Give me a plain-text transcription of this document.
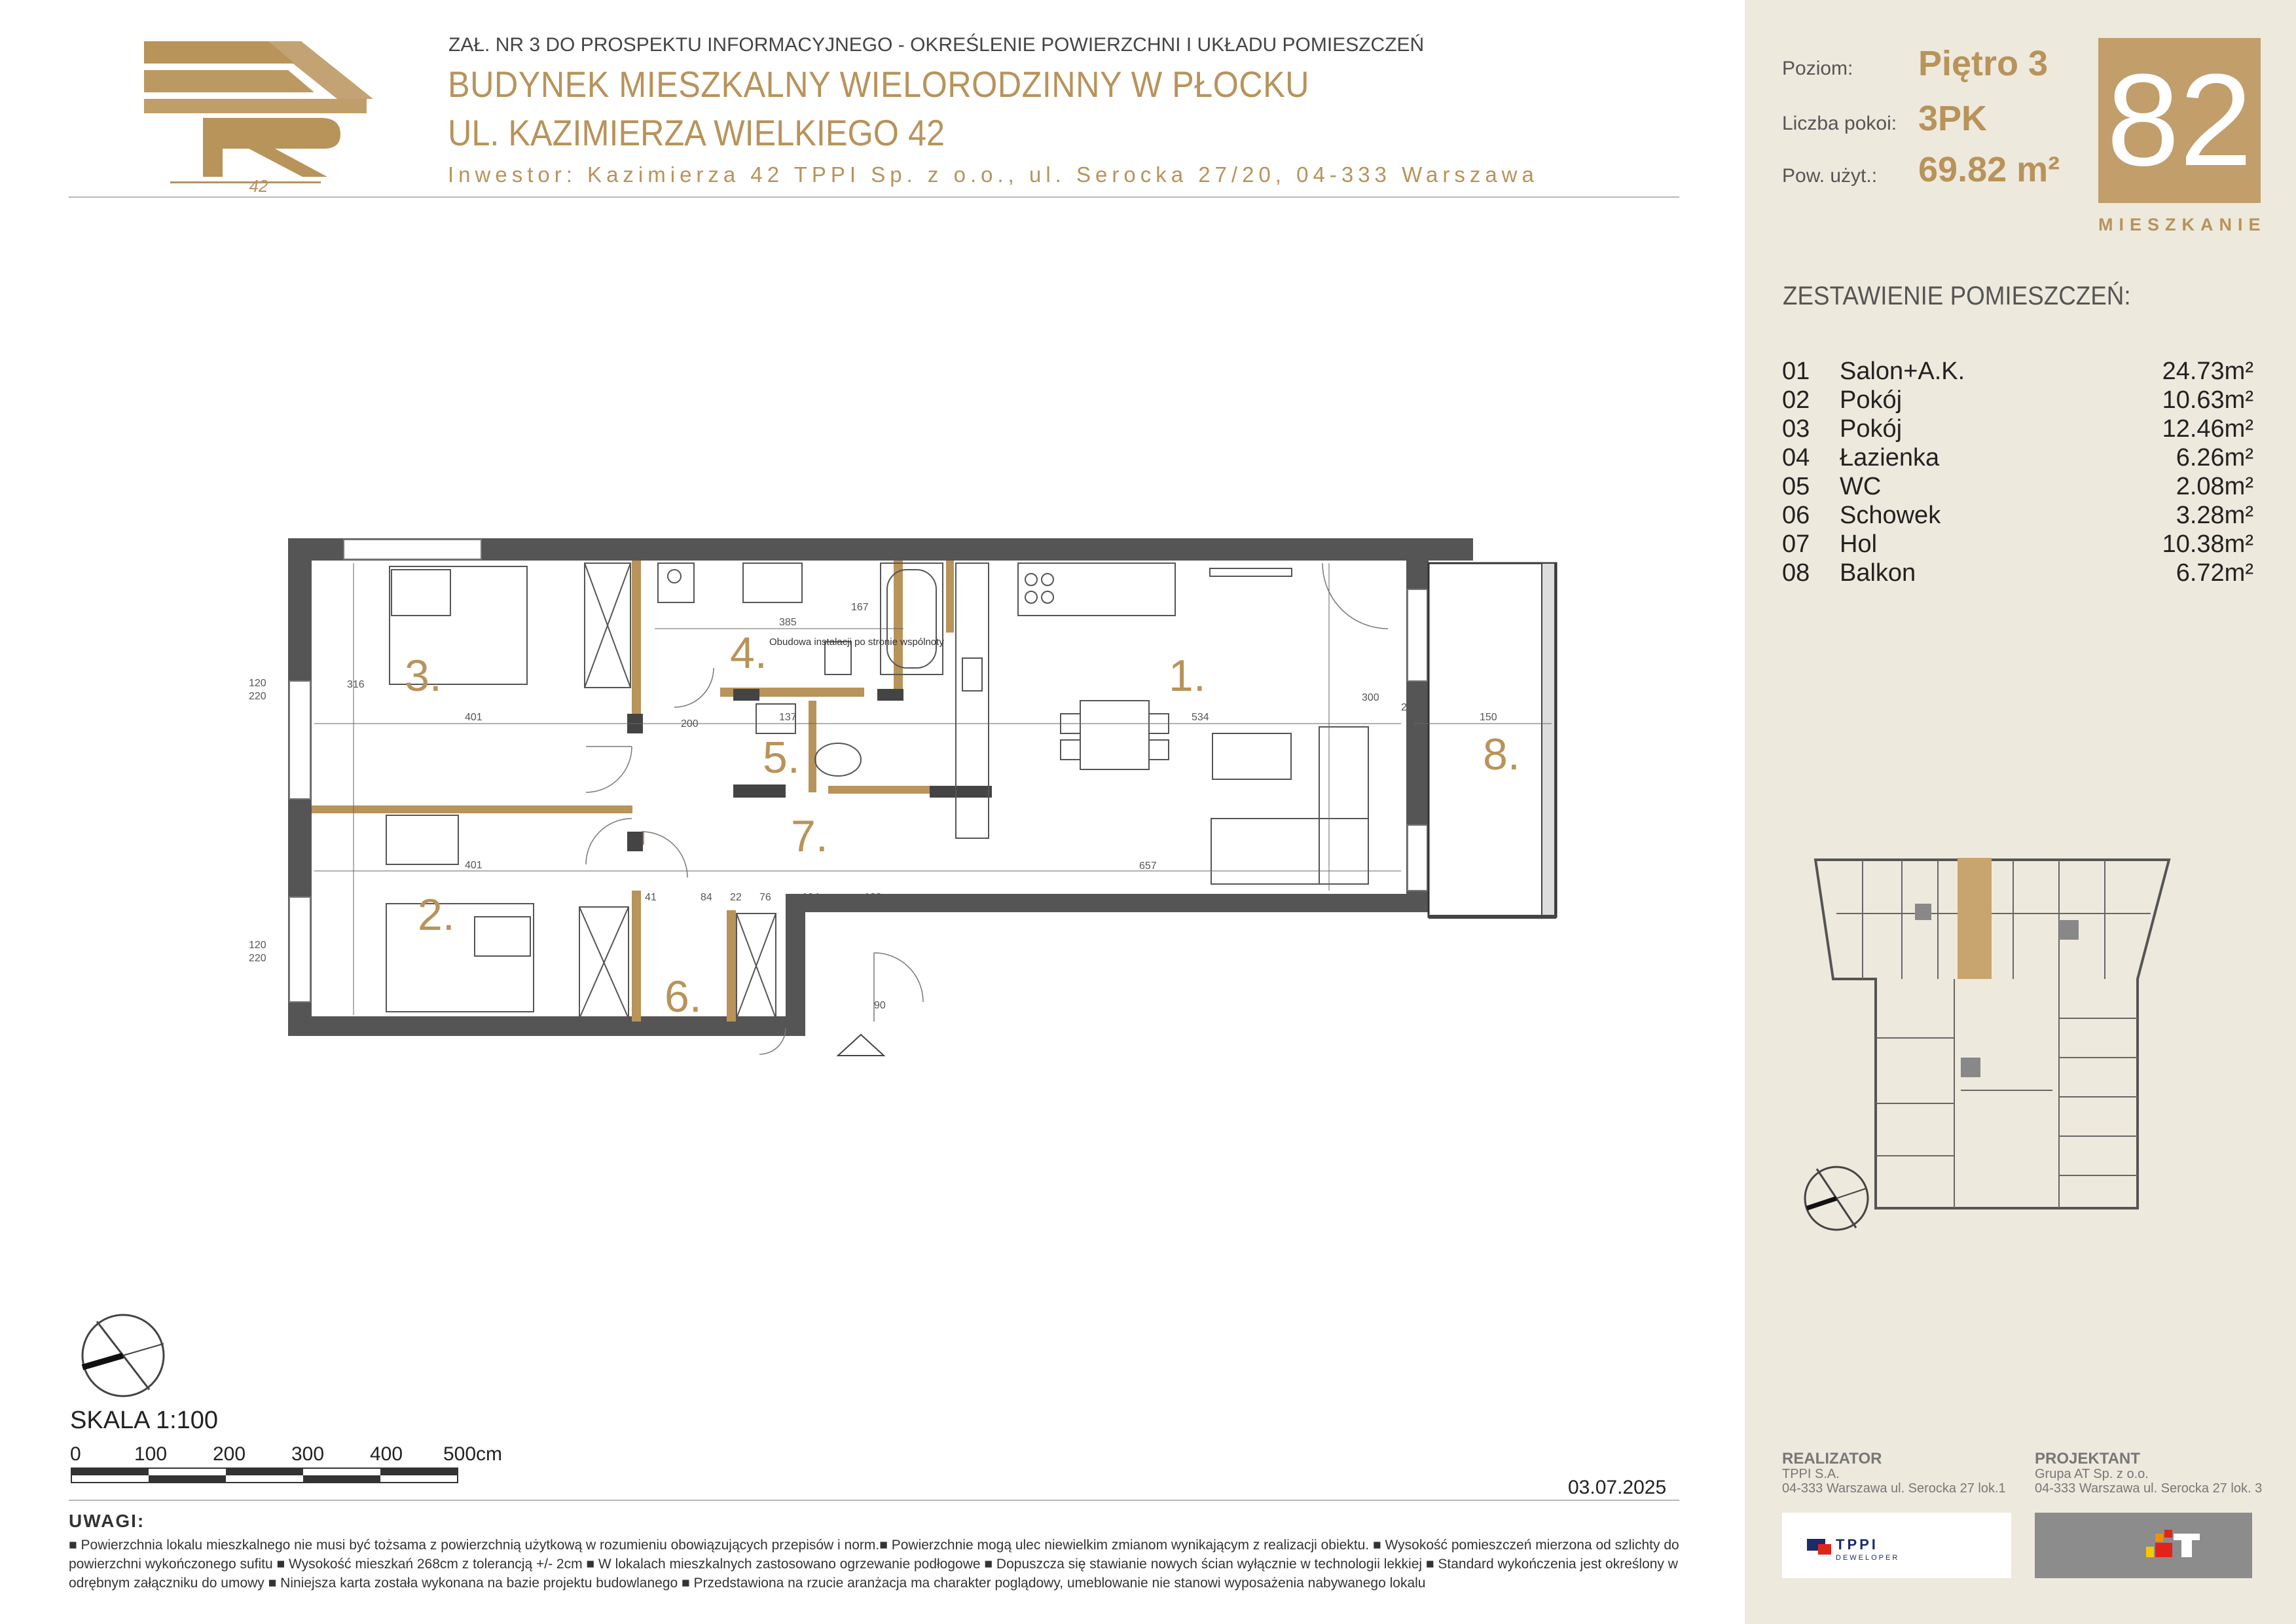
42
ZAŁ. NR 3 DO PROSPEKTU INFORMACYJNEGO - OKREŚLENIE POWIERZCHNI I UKŁADU POMIESZCZEŃ
BUDYNEK MIESZKALNY WIELORODZINNY W PŁOCKU
UL. KAZIMIERZA WIELKIEGO 42
Inwestor: Kazimierza 42 TPPI Sp. z o.o., ul. Serocka 27/20, 04-333 Warszawa
Poziom: Piętro 3
Liczba pokoi: 3PK
Pow. użyt.: 69.82 m² 82
MIESZKANIE
ZESTAWIENIE POMIESZCZEŃ:
01 Salon+A.K.	24.73m²
02 Pokój	10.63m²
03 Pokój	12.46m²
04 Łazienka	6.26m²
05 WC	2.08m²
06 Schowek	3.28m²
07 Hol	10.38m²
08 Balkon	6.72m²
REALIZATOR
TPPI S.A.
04-333 Warszawa ul. Serocka 27 lok.1
PROJEKTANT
Grupa AT Sp. z o.o.
04-333 Warszawa ul. Serocka 27 lok. 3
TPPI
DEWELOPER
401
401
385
167
534
657
194
84
41
137
300
240
150
120
220
120
220
316
200
90
103
76
22
Obudowa instalacji po stronie wspólnoty
1.
2.
3.	4.
5.
6.
7.
8.
SKALA 1:100
0	100 200 300 400 500cm
03.07.2025
UWAGI:
■ Powierzchnia lokalu mieszkalnego nie musi być tożsama z powierzchnią użytkową w rozumieniu obowiązujących przepisów i norm.■ Powierzchnie mogą ulec niewielkim zmianom wynikającym z realizacji obiektu. ■ Wysokość pomieszczeń mierzona od szlichty do powierzchni wykończonego sufitu ■ Wysokość mieszkań 268cm z tolerancją +/- 2cm ■ W lokalach mieszkalnych zastosowano ogrzewanie podłogowe ■ Dopuszcza się stawianie nowych ścian wyłącznie w technologii lekkiej ■ Standard wykończenia jest określony w odrębnym załączniku do umowy ■ Niniejsza karta została wykonana na bazie projektu budowlanego ■ Przedstawiona na rzucie aranżacja ma charakter poglądowy, umeblowanie nie stanowi wyposażenia nabywanego lokalu
